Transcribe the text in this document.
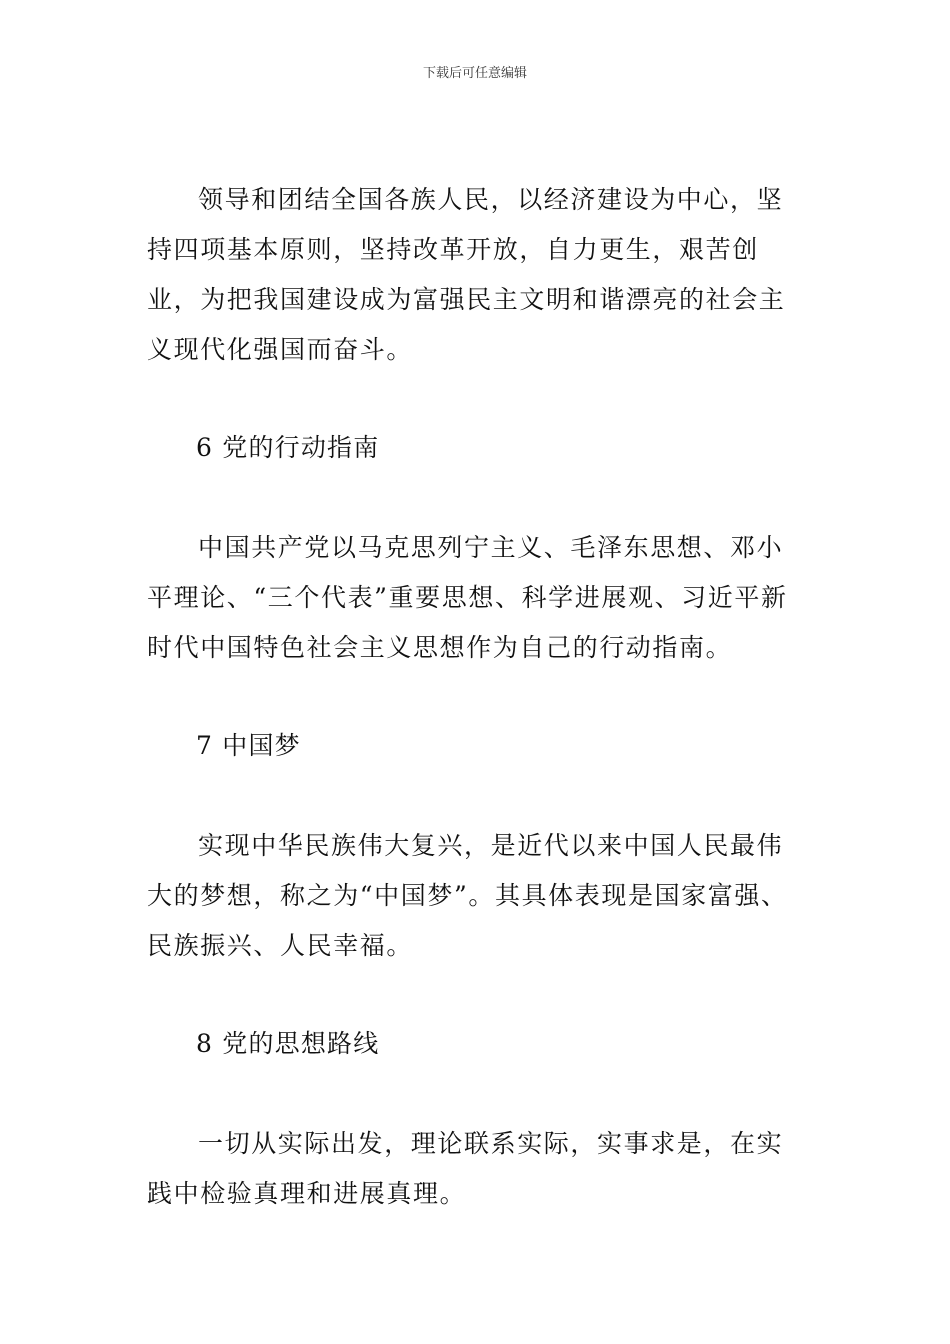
下载后可任意编辑

领导和团结全国各族人民，以经济建设为中心，坚持四项基本原则，坚持改革开放，自力更生，艰苦创业，为把我国建设成为富强民主文明和谐漂亮的社会主义现代化强国而奋斗。

6 党的行动指南

中国共产党以马克思列宁主义、毛泽东思想、邓小平理论、“三个代表”重要思想、科学进展观、习近平新时代中国特色社会主义思想作为自己的行动指南。

7 中国梦

实现中华民族伟大复兴，是近代以来中国人民最伟大的梦想，称之为“中国梦”。其具体表现是国家富强、民族振兴、人民幸福。

8 党的思想路线

一切从实际出发，理论联系实际，实事求是，在实践中检验真理和进展真理。
